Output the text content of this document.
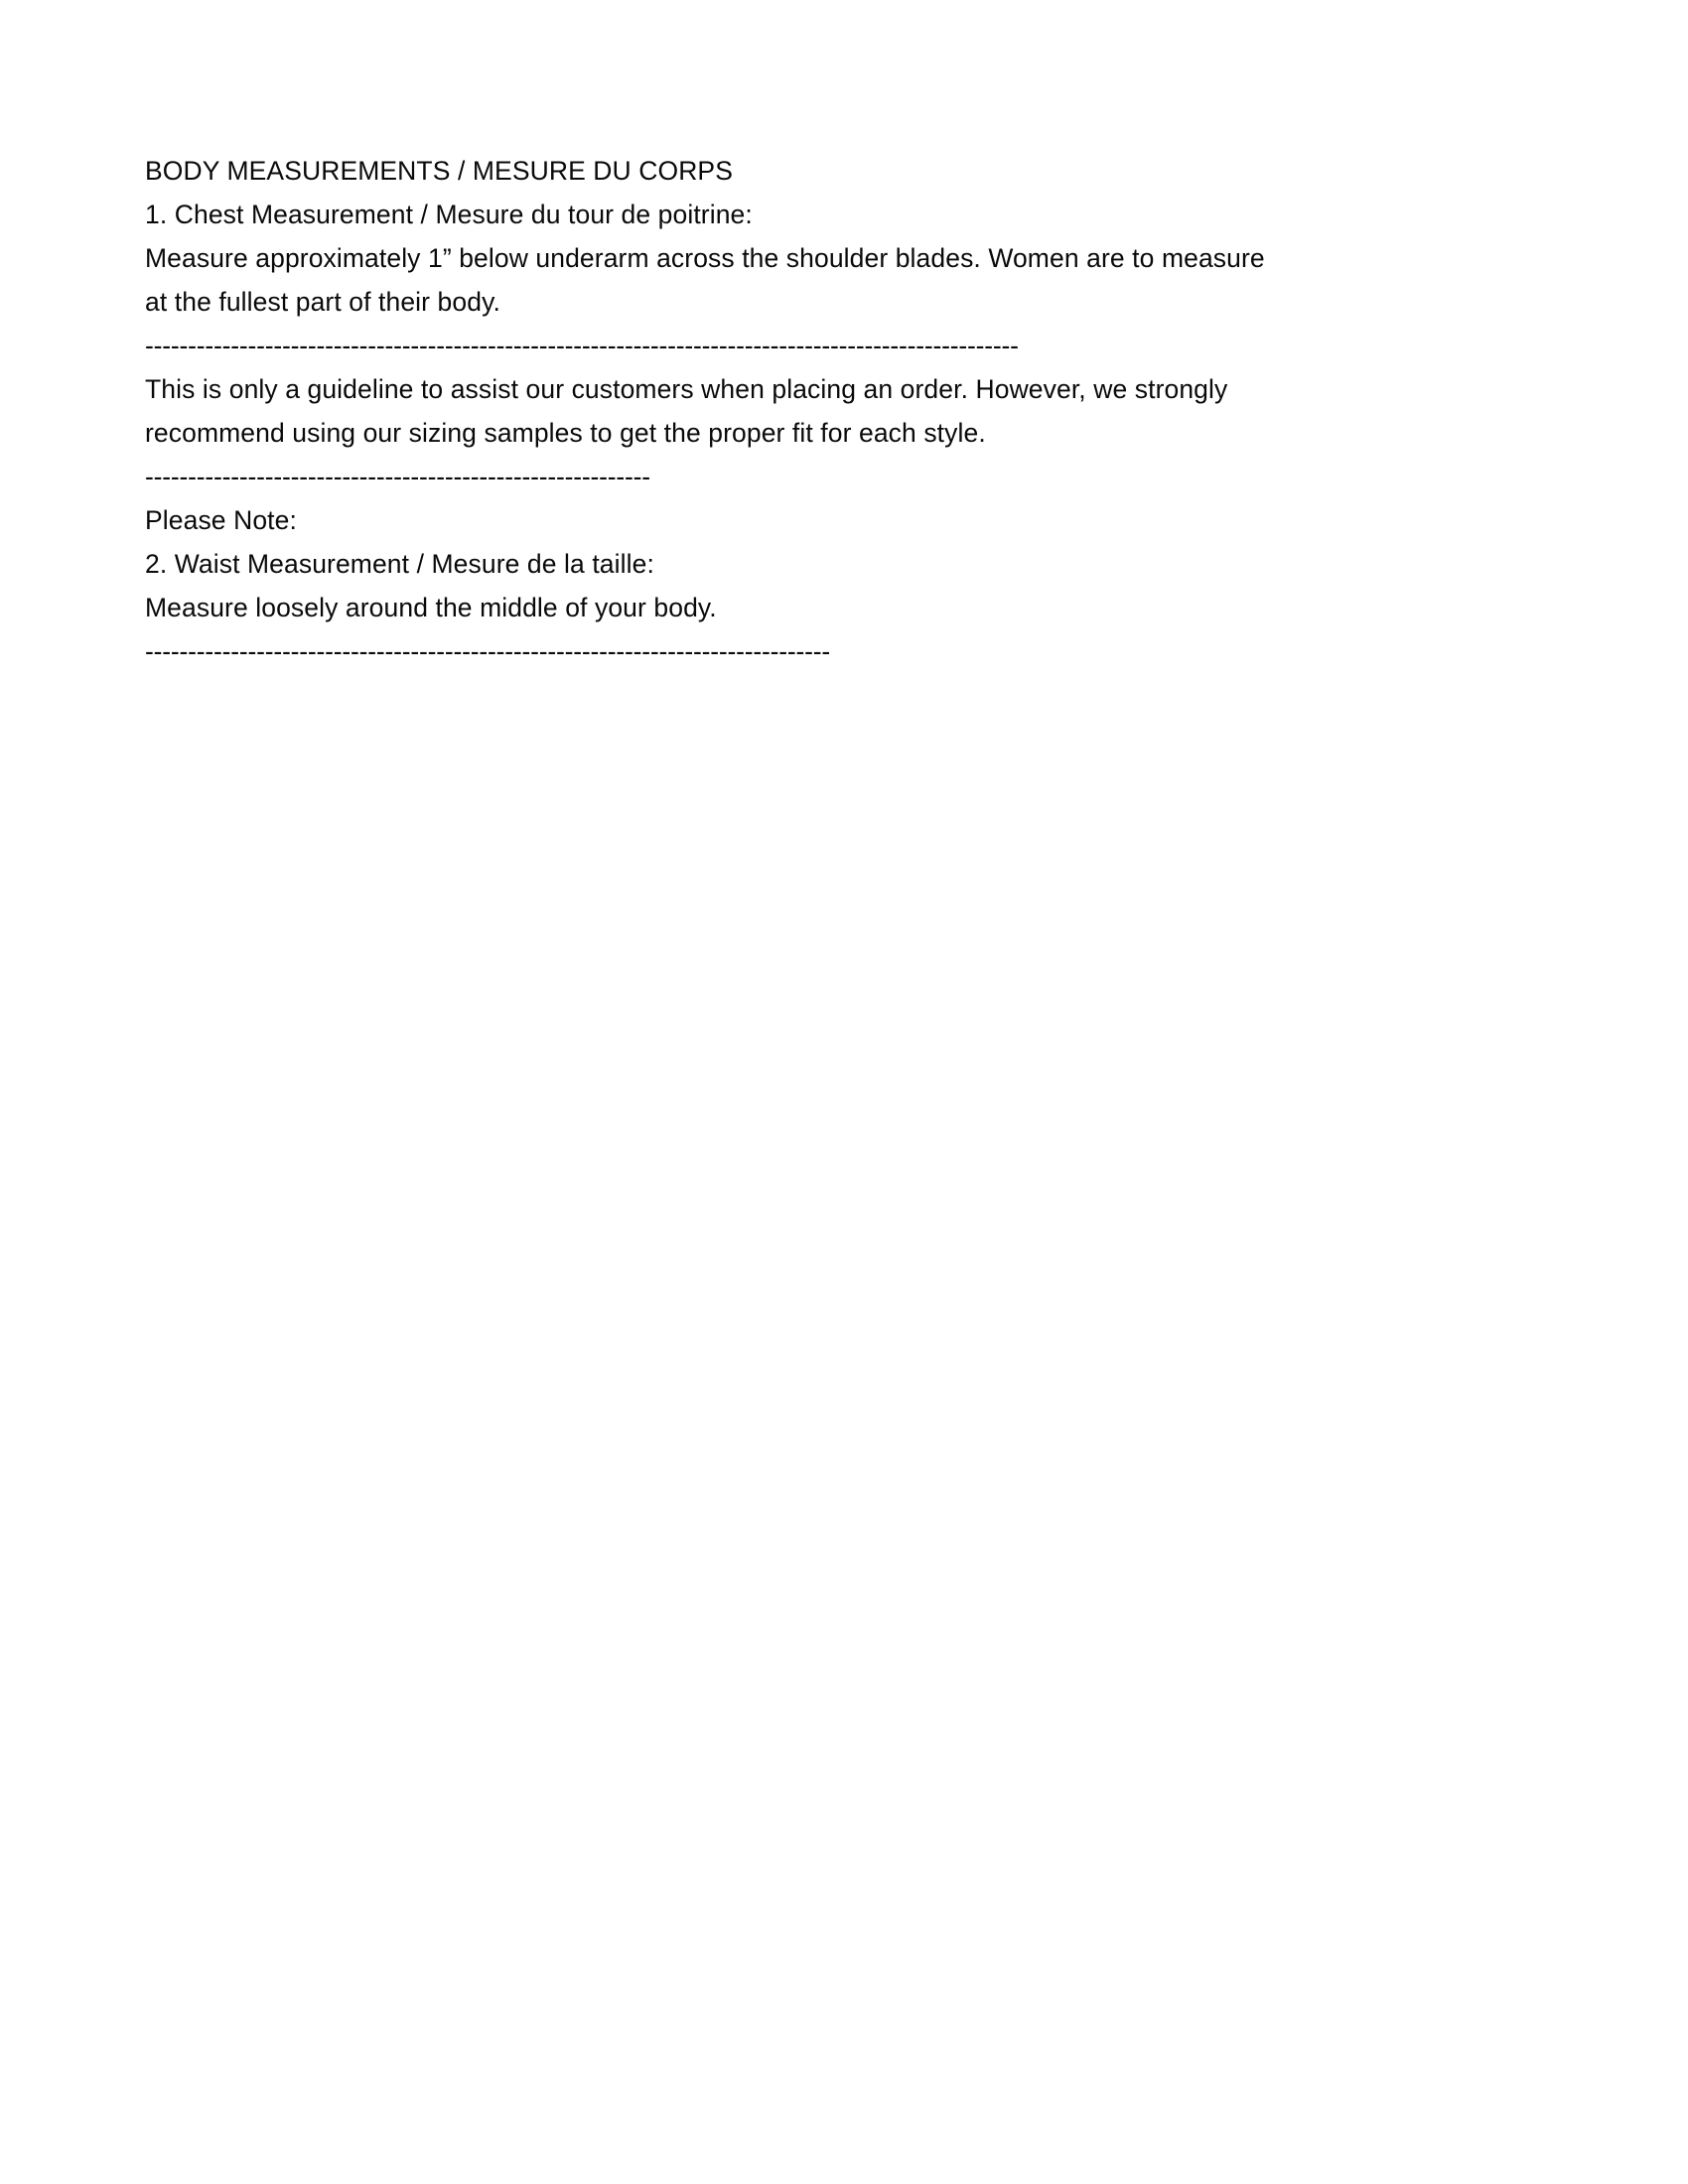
BODY MEASUREMENTS / MESURE DU CORPS
1. Chest Measurement / Mesure du tour de poitrine:
Measure approximately 1” below underarm across the shoulder blades. Women are to measure at the fullest part of their body.
------------------------------------------------------------------------------------------------------
This is only a guideline to assist our customers when placing an order. However, we strongly recommend using our sizing samples to get the proper fit for each style.
-----------------------------------------------------------
Please Note:
2. Waist Measurement / Mesure de la taille:
Measure loosely around the middle of your body.
--------------------------------------------------------------------------------
